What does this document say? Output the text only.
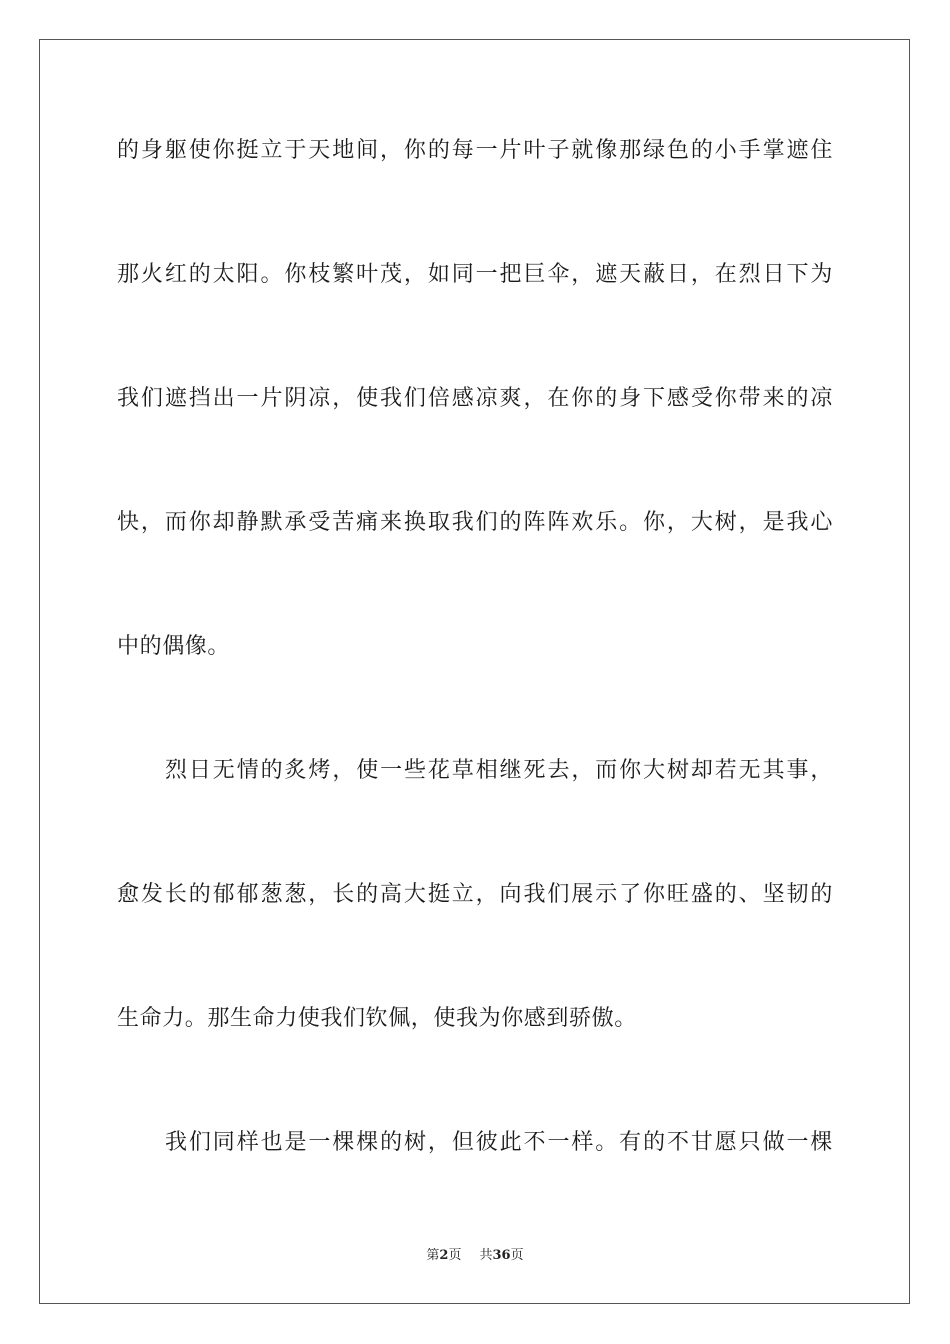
的身躯使你挺立于天地间，你的每一片叶子就像那绿色的小手掌遮住
那火红的太阳。你枝繁叶茂，如同一把巨伞，遮天蔽日，在烈日下为
我们遮挡出一片阴凉，使我们倍感凉爽，在你的身下感受你带来的凉
快，而你却静默承受苦痛来换取我们的阵阵欢乐。你，大树，是我心
中的偶像。
烈日无情的炙烤，使一些花草相继死去，而你大树却若无其事，
愈发长的郁郁葱葱，长的高大挺立，向我们展示了你旺盛的、坚韧的
生命力。那生命力使我们钦佩，使我为你感到骄傲。
我们同样也是一棵棵的树，但彼此不一样。有的不甘愿只做一棵
第2页 共36页
